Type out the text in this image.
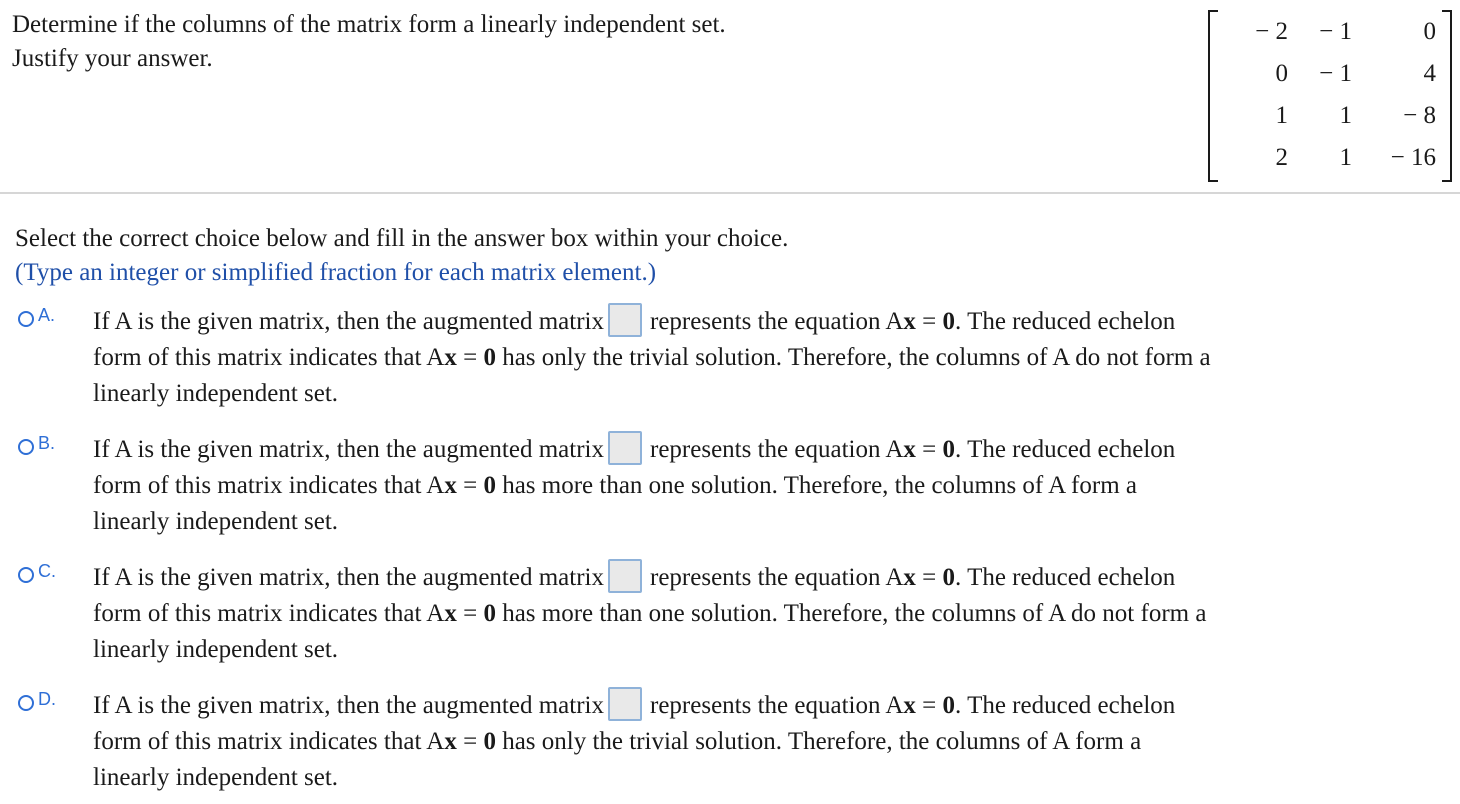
Determine if the columns of the matrix form a linearly independent set.
Justify your answer.
− 2	− 1	0
0	− 1	4
1	1	− 8
2	1	− 16
Select the correct choice below and fill in the answer box within your choice.
(Type an integer or simplified fraction for each matrix element.)
A. If A is the given matrix, then the augmented matrix represents the equation Ax = 0. The reduced echelon
form of this matrix indicates that Ax = 0 has only the trivial solution. Therefore, the columns of A do not form a
linearly independent set.
B. If A is the given matrix, then the augmented matrix represents the equation Ax = 0. The reduced echelon
form of this matrix indicates that Ax = 0 has more than one solution. Therefore, the columns of A form a
linearly independent set.
C. If A is the given matrix, then the augmented matrix represents the equation Ax = 0. The reduced echelon
form of this matrix indicates that Ax = 0 has more than one solution. Therefore, the columns of A do not form a
linearly independent set.
D. If A is the given matrix, then the augmented matrix represents the equation Ax = 0. The reduced echelon
form of this matrix indicates that Ax = 0 has only the trivial solution. Therefore, the columns of A form a
linearly independent set.
